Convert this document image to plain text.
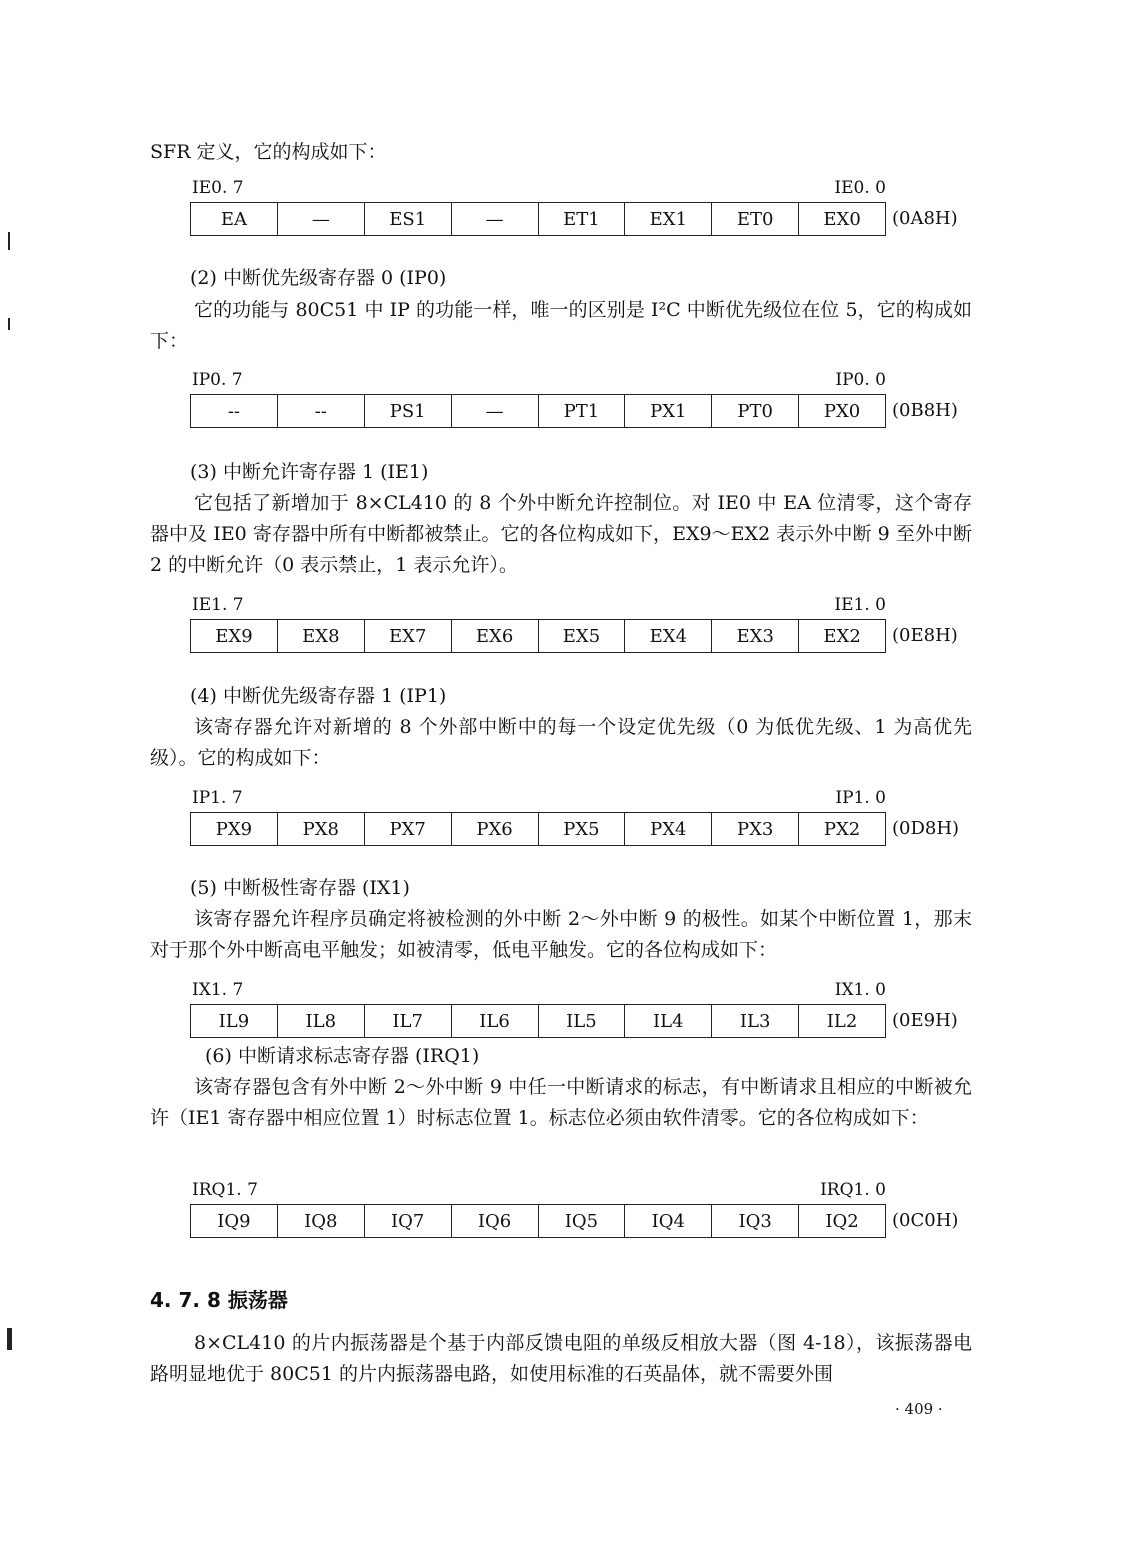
SFR 定义，它的构成如下：
IE0. 7	IE0. 0
EA	—	ES1	—	ET1	EX1	ET0	EX0	(0A8H)
(2) 中断优先级寄存器 0 (IP0)

它的功能与 80C51 中 IP 的功能一样，唯一的区别是 I²C 中断优先级位在位 5，它的构成如下：

IP0. 7	IP0. 0
--	--	PS1	—	PT1	PX1	PT0	PX0	(0B8H)
(3) 中断允许寄存器 1 (IE1)

它包括了新增加于 8×CL410 的 8 个外中断允许控制位。对 IE0 中 EA 位清零，这个寄存器中及 IE0 寄存器中所有中断都被禁止。它的各位构成如下，EX9～EX2 表示外中断 9 至外中断 2 的中断允许（0 表示禁止，1 表示允许）。

IE1. 7	IE1. 0
EX9	EX8	EX7	EX6	EX5	EX4	EX3	EX2	(0E8H)
(4) 中断优先级寄存器 1 (IP1)

该寄存器允许对新增的 8 个外部中断中的每一个设定优先级（0 为低优先级、1 为高优先级）。它的构成如下：

IP1. 7	IP1. 0
PX9	PX8	PX7	PX6	PX5	PX4	PX3	PX2	(0D8H)
(5) 中断极性寄存器 (IX1)

该寄存器允许程序员确定将被检测的外中断 2～外中断 9 的极性。如某个中断位置 1，那末对于那个外中断高电平触发；如被清零，低电平触发。它的各位构成如下：

IX1. 7	IX1. 0
IL9	IL8	IL7	IL6	IL5	IL4	IL3	IL2	(0E9H)
(6) 中断请求标志寄存器 (IRQ1)

该寄存器包含有外中断 2～外中断 9 中任一中断请求的标志，有中断请求且相应的中断被允许（IE1 寄存器中相应位置 1）时标志位置 1。标志位必须由软件清零。它的各位构成如下：

IRQ1. 7	IRQ1. 0
IQ9	IQ8	IQ7	IQ6	IQ5	IQ4	IQ3	IQ2	(0C0H)
4. 7. 8 振荡器

8×CL410 的片内振荡器是个基于内部反馈电阻的单级反相放大器（图 4-18），该振荡器电路明显地优于 80C51 的片内振荡器电路，如使用标准的石英晶体，就不需要外围

· 409 ·
